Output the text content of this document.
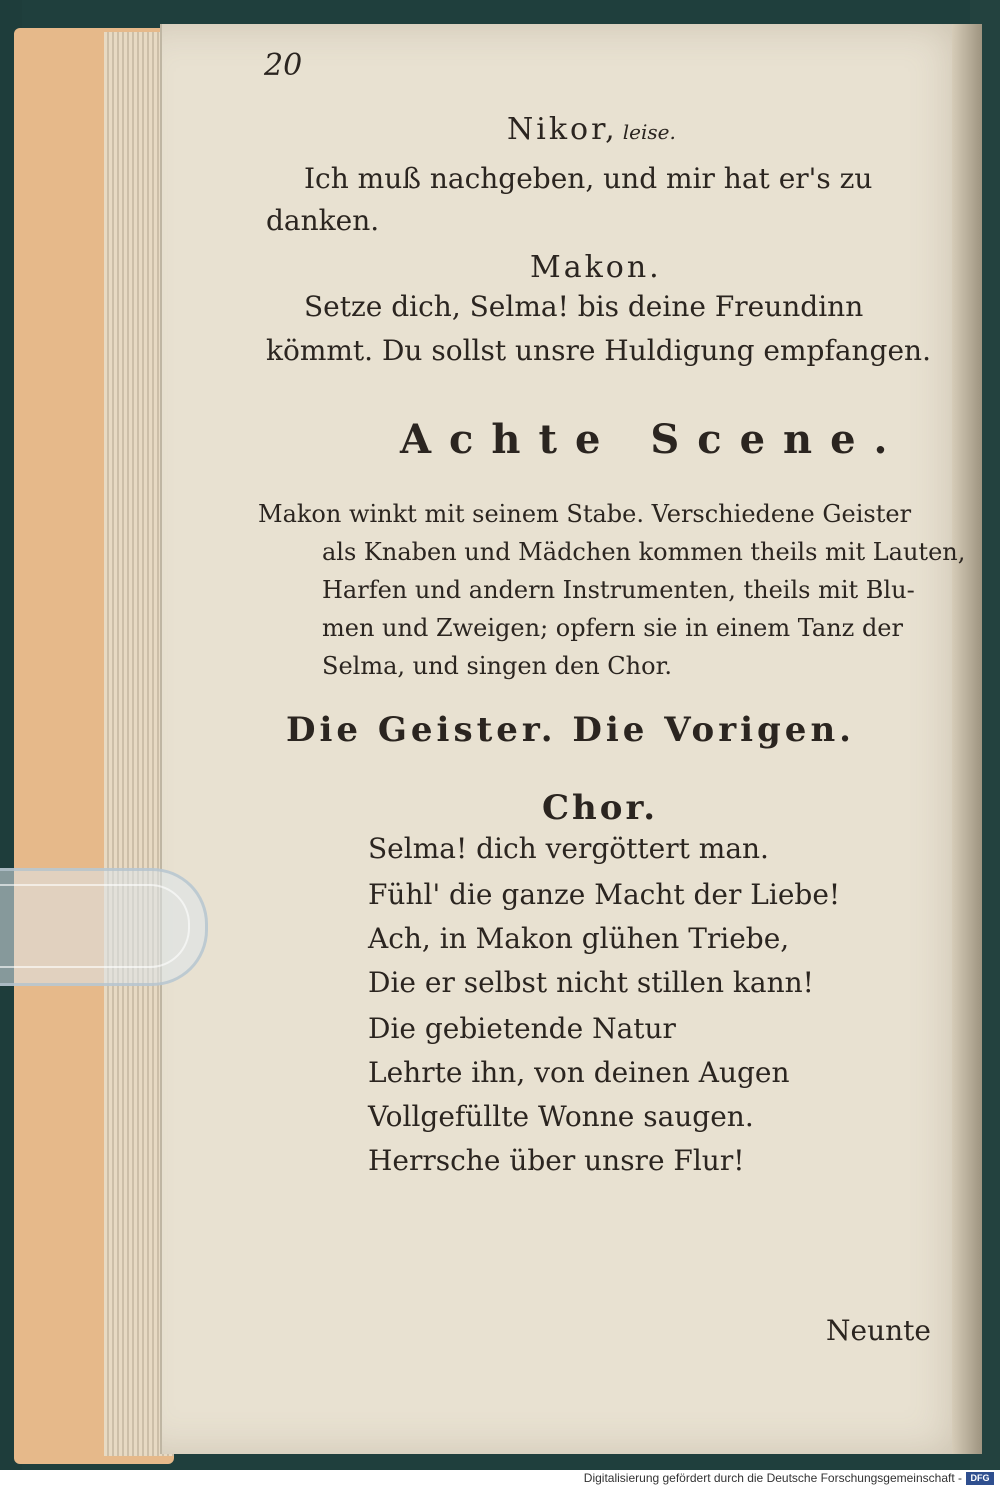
20
Nikor, leise.
Ich muß nachgeben, und mir hat er's zu
danken.
Makon.
Setze dich, Selma! bis deine Freundinn
kömmt. Du sollst unsre Huldigung empfangen.
Achte Scene.
Makon winkt mit seinem Stabe. Verschiedene Geister
als Knaben und Mädchen kommen theils mit Lauten,
Harfen und andern Instrumenten, theils mit Blu-
men und Zweigen; opfern sie in einem Tanz der
Selma, und singen den Chor.
Die Geister. Die Vorigen.
Chor.
Selma! dich vergöttert man.
Fühl' die ganze Macht der Liebe!
Ach, in Makon glühen Triebe,
Die er selbst nicht stillen kann!
Die gebietende Natur
Lehrte ihn, von deinen Augen
Vollgefüllte Wonne saugen.
Herrsche über unsre Flur!
Neunte
Digitalisierung gefördert durch die Deutsche Forschungsgemeinschaft - DFG
